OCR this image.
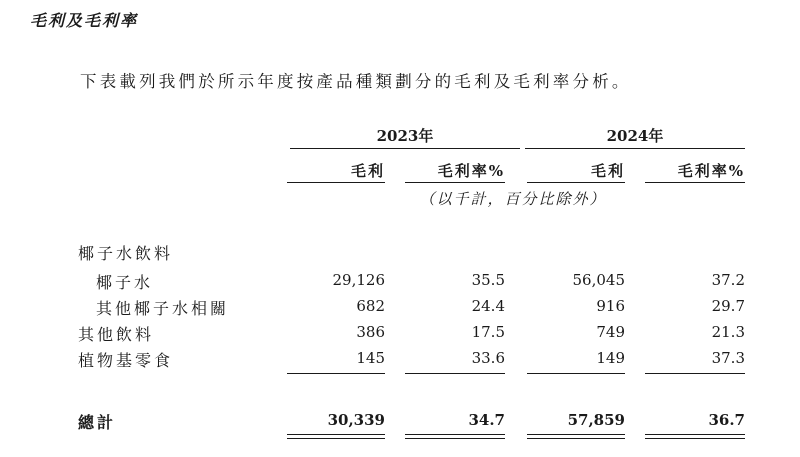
毛利及毛利率
下表載列我們於所示年度按產品種類劃分的毛利及毛利率分析。
2023年	2024年
毛利	毛利率%	毛利	毛利率%
（以千計，百分比除外）
椰子水飲料
椰子水	29,126	35.5	56,045	37.2
其他椰子水相關	682	24.4	916	29.7
其他飲料	386	17.5	749	21.3
植物基零食	145	33.6	149	37.3
總計	30,339	34.7	57,859	36.7
